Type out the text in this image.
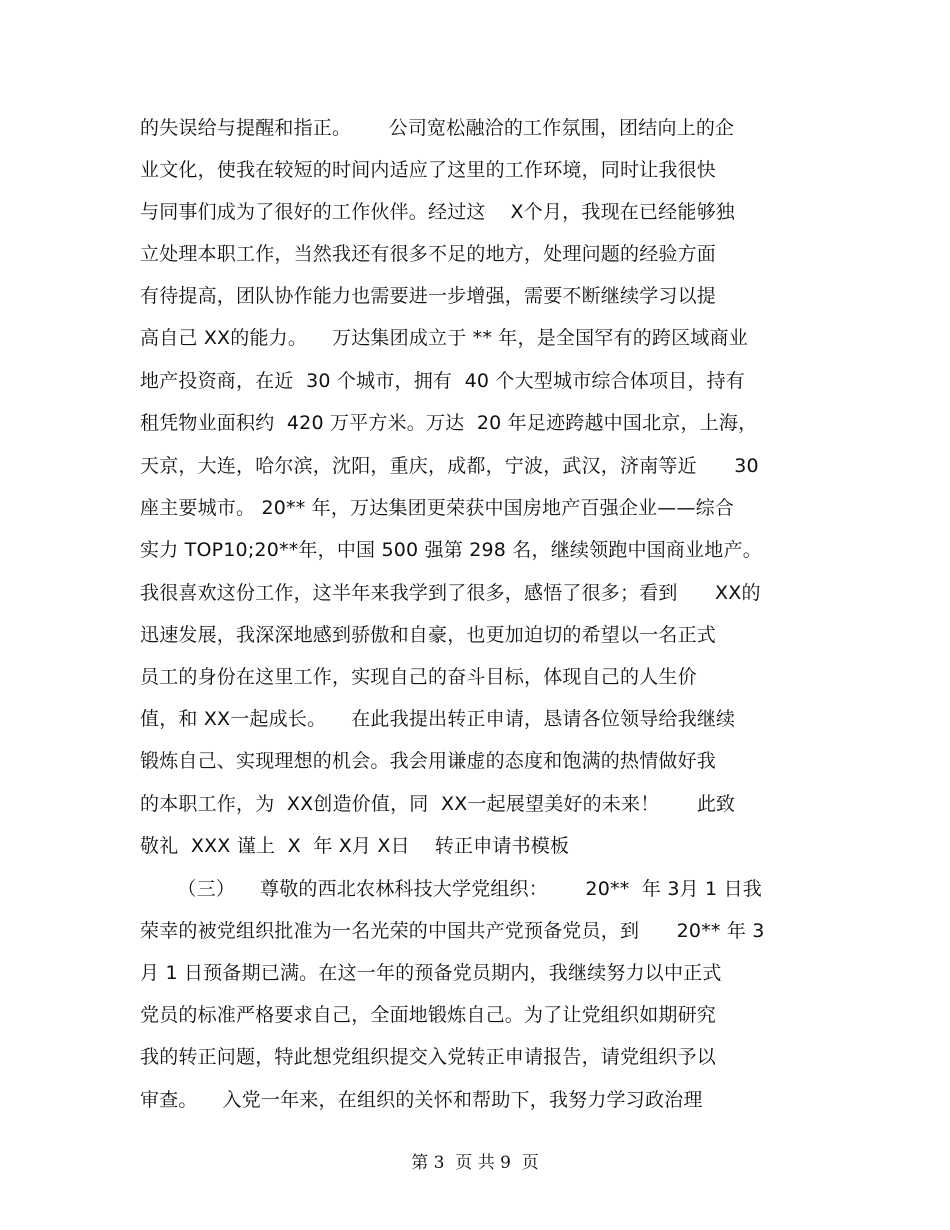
的失误给与提醒和指正。      公司宽松融洽的工作氛围，团结向上的企
业文化，使我在较短的时间内适应了这里的工作环境，同时让我很快
与同事们成为了很好的工作伙伴。经过这    X个月，我现在已经能够独
立处理本职工作，当然我还有很多不足的地方，处理问题的经验方面
有待提高，团队协作能力也需要进一步增强，需要不断继续学习以提
高自己 XX的能力。    万达集团成立于 ** 年，是全国罕有的跨区域商业
地产投资商，在近  30 个城市，拥有  40 个大型城市综合体项目，持有
租凭物业面积约  420 万平方米。万达  20 年足迹跨越中国北京，上海，
天京，大连，哈尔滨，沈阳，重庆，成都，宁波，武汉，济南等近      30
座主要城市。 20** 年，万达集团更荣获中国房地产百强企业——综合
实力 TOP10;20**年，中国 500 强第 298 名，继续领跑中国商业地产。
我很喜欢这份工作，这半年来我学到了很多，感悟了很多；看到      XX的
迅速发展，我深深地感到骄傲和自豪，也更加迫切的希望以一名正式
员工的身份在这里工作，实现自己的奋斗目标，体现自己的人生价
值，和 XX一起成长。    在此我提出转正申请，恳请各位领导给我继续
锻炼自己、实现理想的机会。我会用谦虚的态度和饱满的热情做好我
的本职工作，为  XX创造价值，同  XX一起展望美好的未来！      此致
敬礼  XXX 谨上  X  年 X月 X日    转正申请书模板
（三）    尊敬的西北农林科技大学党组织：      20**  年 3月 1 日我
荣幸的被党组织批准为一名光荣的中国共产党预备党员，到      20** 年 3
月 1 日预备期已满。在这一年的预备党员期内，我继续努力以中正式
党员的标准严格要求自己，全面地锻炼自己。为了让党组织如期研究
我的转正问题，特此想党组织提交入党转正申请报告，请党组织予以
审查。    入党一年来，在组织的关怀和帮助下，我努力学习政治理
第 3  页 共 9  页
